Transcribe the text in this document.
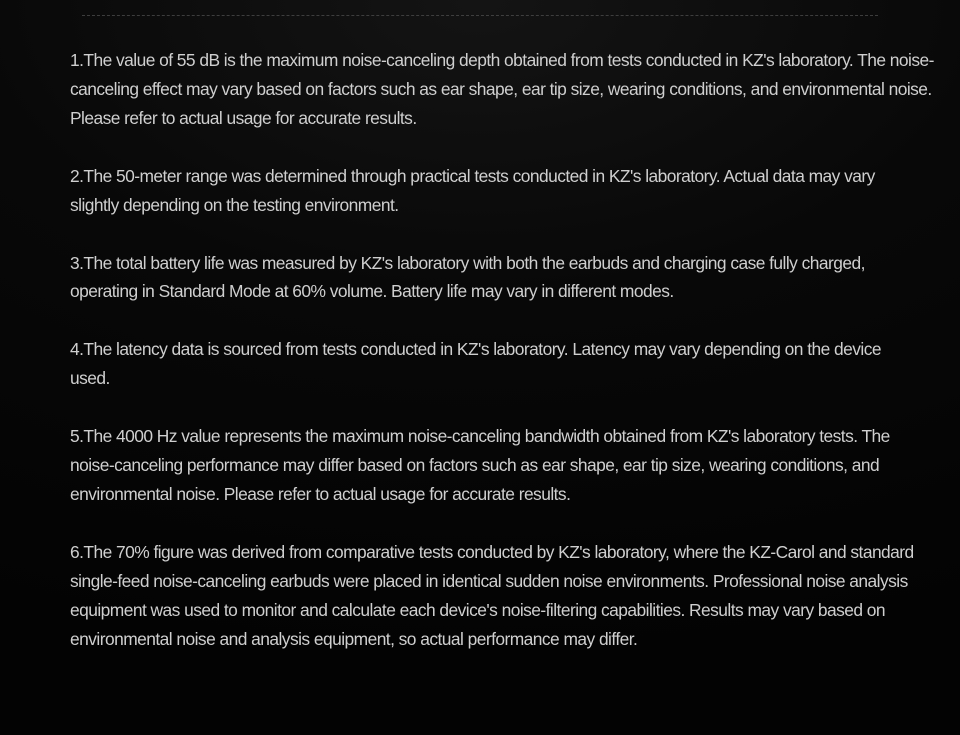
1.The value of 55 dB is the maximum noise-canceling depth obtained from tests conducted in KZ's laboratory. The noise-canceling effect may vary based on factors such as ear shape, ear tip size, wearing conditions, and environmental noise. Please refer to actual usage for accurate results.
2.The 50-meter range was determined through practical tests conducted in KZ's laboratory. Actual data may vary slightly depending on the testing environment.
3.The total battery life was measured by KZ's laboratory with both the earbuds and charging case fully charged, operating in Standard Mode at 60% volume. Battery life may vary in different modes.
4.The latency data is sourced from tests conducted in KZ's laboratory. Latency may vary depending on the device used.
5.The 4000 Hz value represents the maximum noise-canceling bandwidth obtained from KZ's laboratory tests. The noise-canceling performance may differ based on factors such as ear shape, ear tip size, wearing conditions, and environmental noise. Please refer to actual usage for accurate results.
6.The 70% figure was derived from comparative tests conducted by KZ's laboratory, where the KZ-Carol and standard single-feed noise-canceling earbuds were placed in identical sudden noise environments. Professional noise analysis equipment was used to monitor and calculate each device's noise-filtering capabilities. Results may vary based on environmental noise and analysis equipment, so actual performance may differ.
